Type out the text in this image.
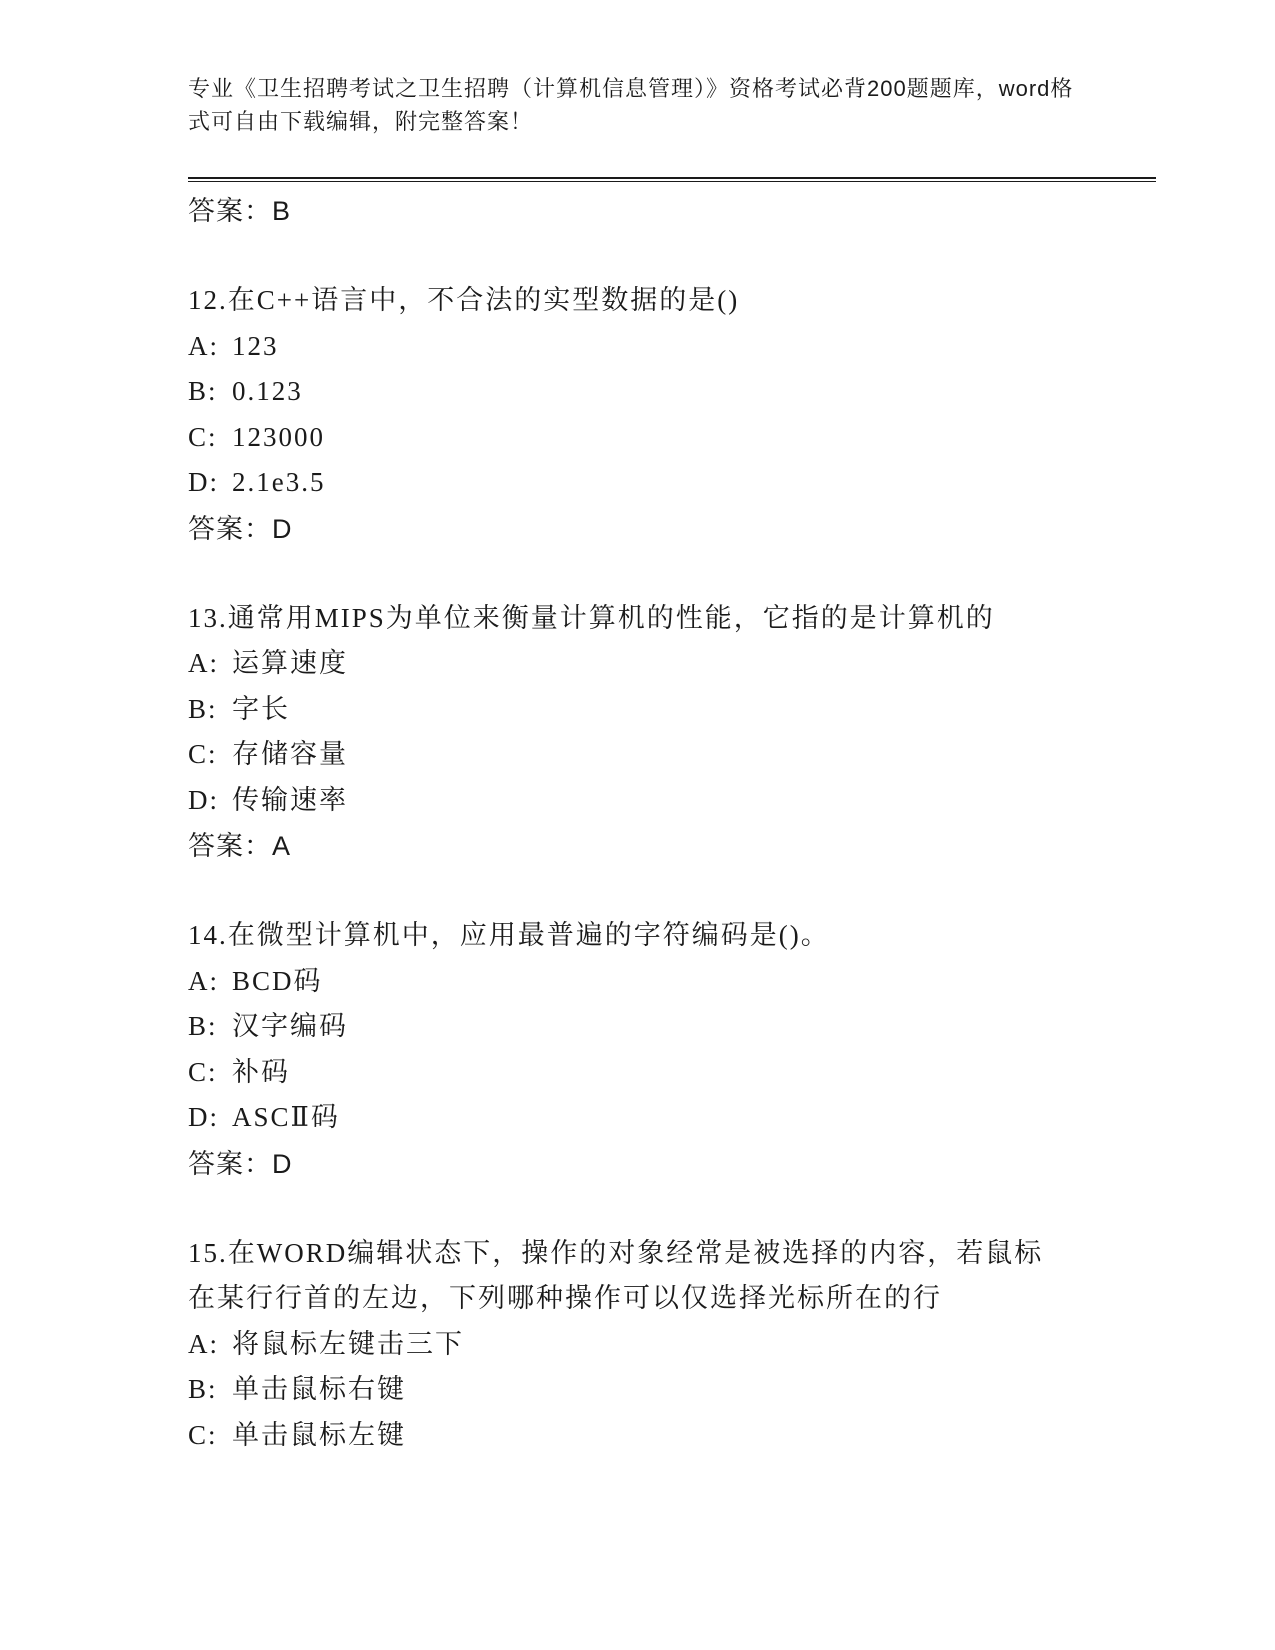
专业《卫生招聘考试之卫生招聘（计算机信息管理）》资格考试必背200题题库，word格式可自由下载编辑，附完整答案！
答案：B
12.在C++语言中，不合法的实型数据的是()
A: 123
B: 0.123
C: 123000
D: 2.1e3.5
答案：D
13.通常用MIPS为单位来衡量计算机的性能，它指的是计算机的
A: 运算速度
B: 字长
C: 存储容量
D: 传输速率
答案：A
14.在微型计算机中，应用最普遍的字符编码是()。
A: BCD码
B: 汉字编码
C: 补码
D: ASCⅡ码
答案：D
15.在WORD编辑状态下，操作的对象经常是被选择的内容，若鼠标在某行行首的左边，下列哪种操作可以仅选择光标所在的行
A: 将鼠标左键击三下
B: 单击鼠标右键
C: 单击鼠标左键
